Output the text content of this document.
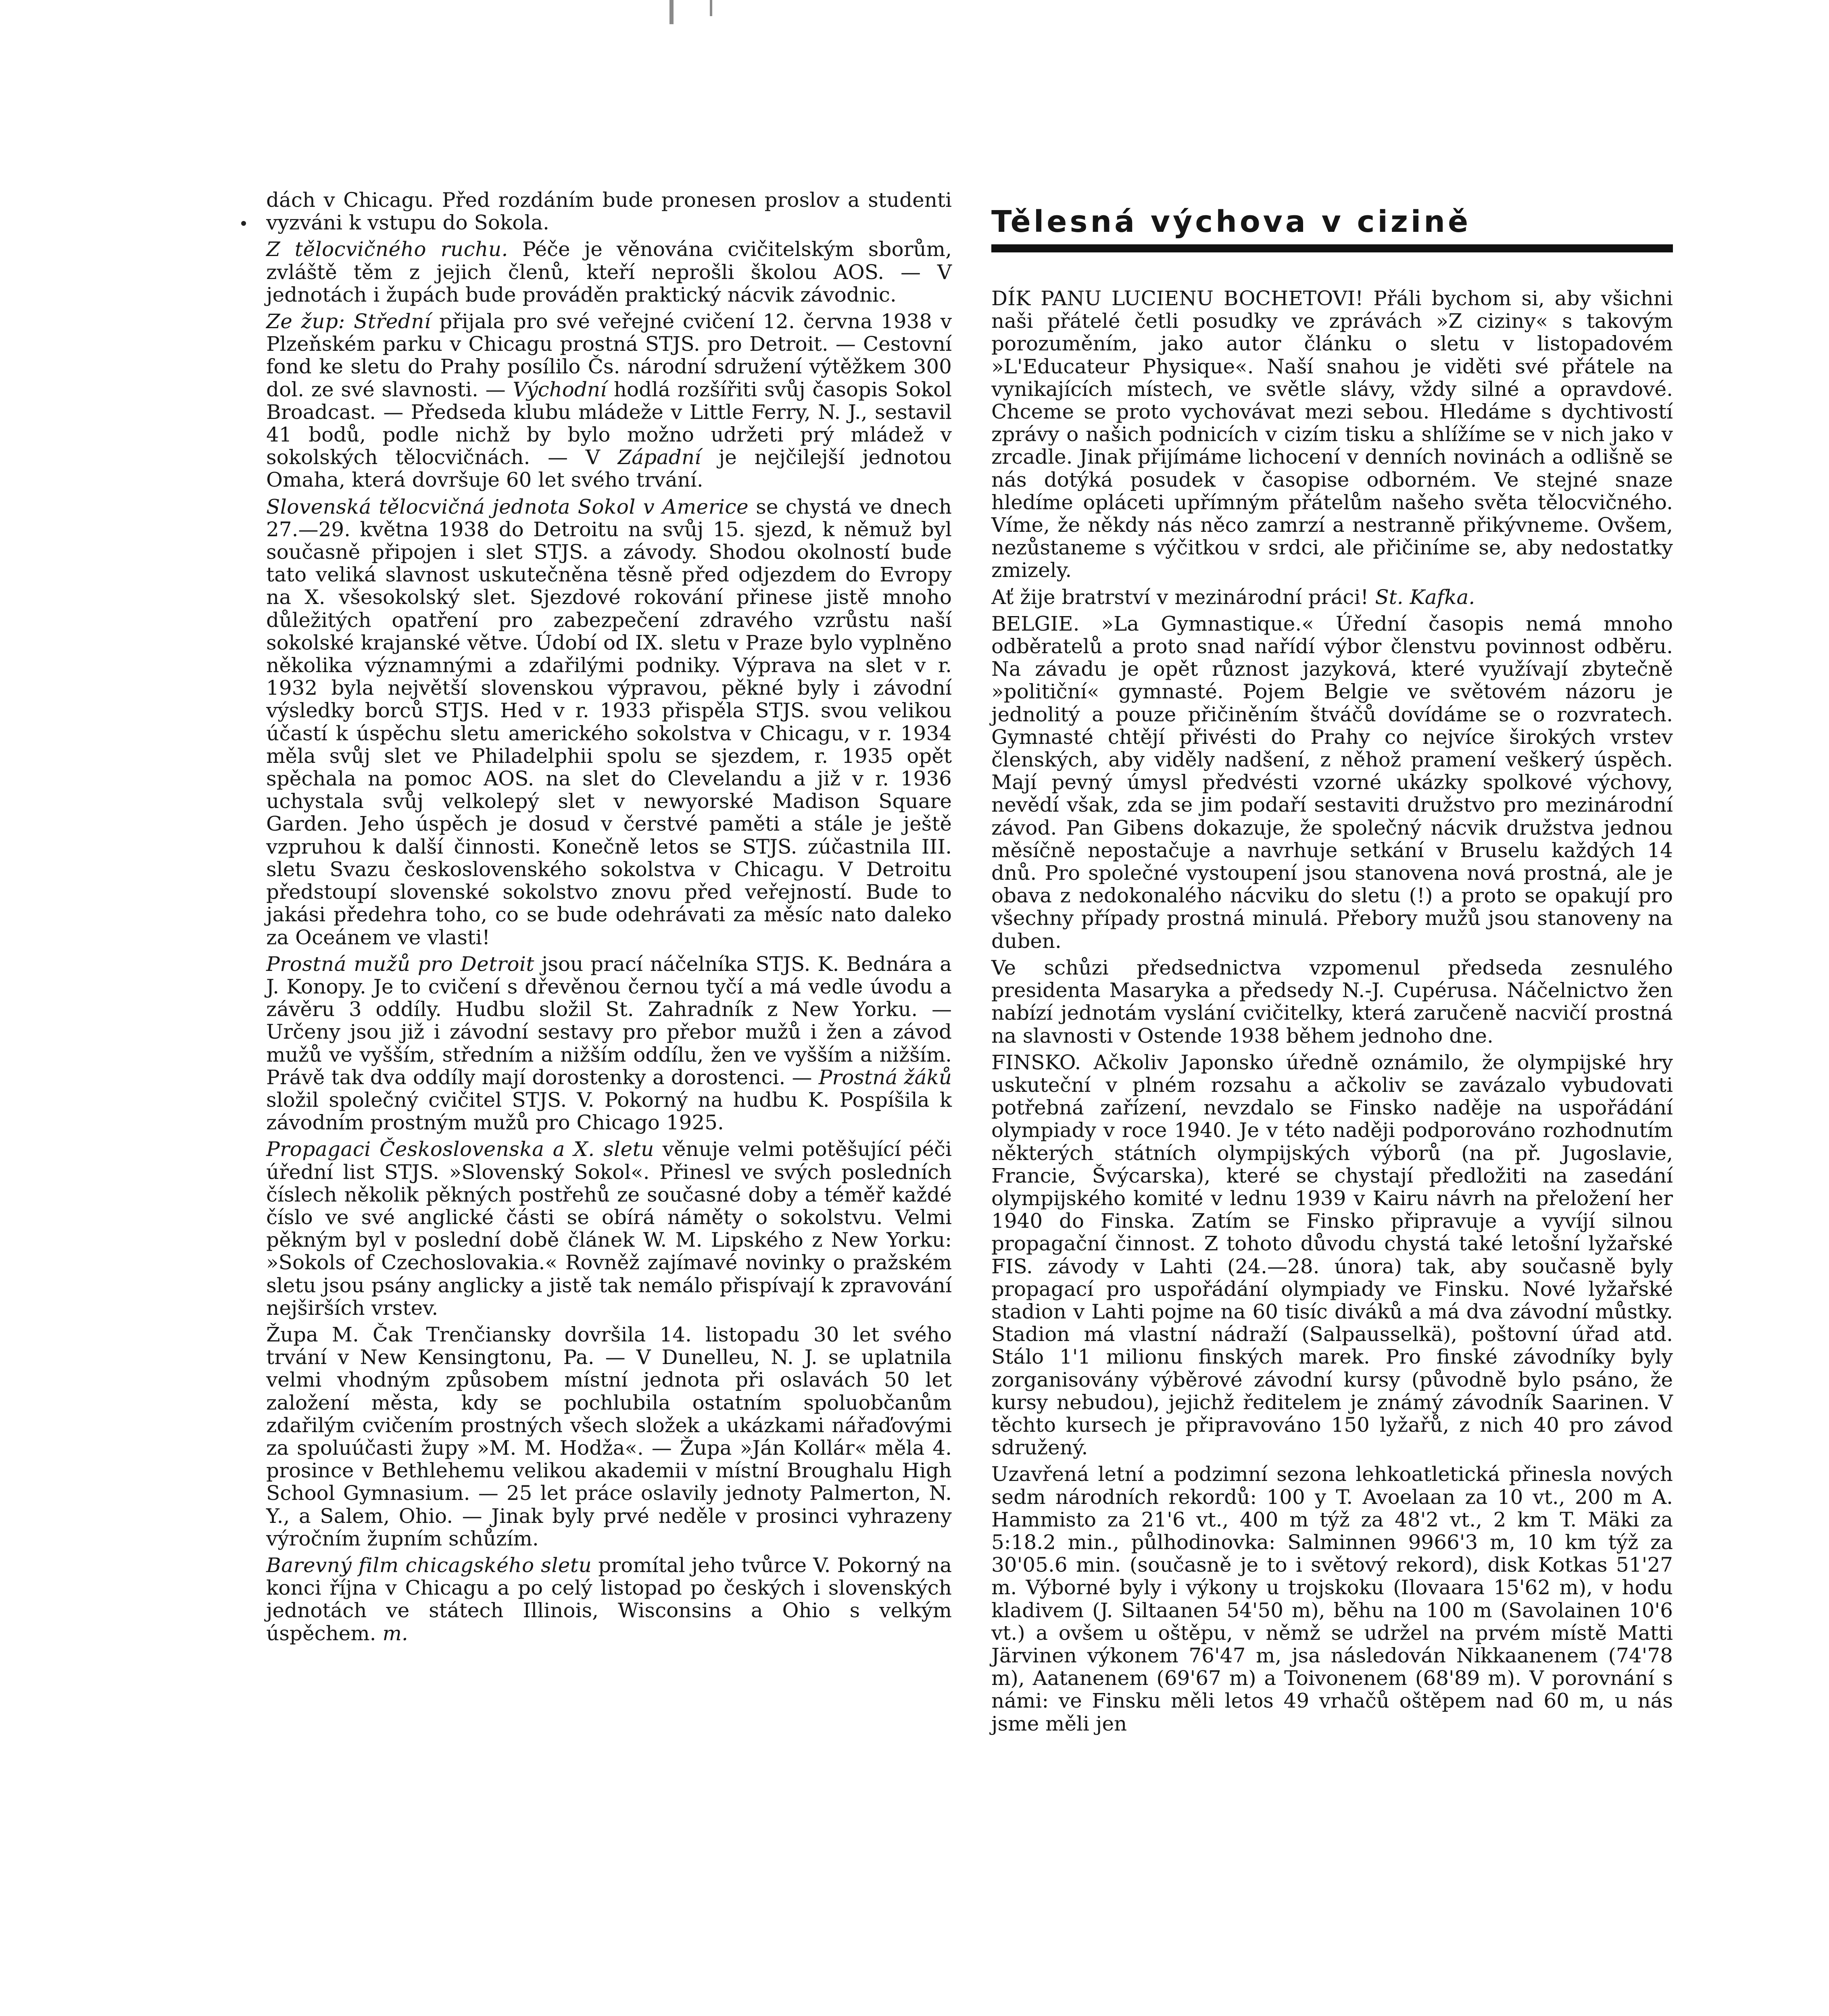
dách v Chicagu. Před rozdáním bude pronesen proslov a studenti vyzváni k vstupu do Sokola.

Z tělocvičného ruchu. Péče je věnována cvičitelským sborům, zvláště těm z jejich členů, kteří neprošli školou AOS. — V jednotách i župách bude prováděn praktický nácvik závodnic.

Ze žup: Střední přijala pro své veřejné cvičení 12. června 1938 v Plzeňském parku v Chicagu prostná STJS. pro Detroit. — Cestovní fond ke sletu do Prahy posílilo Čs. národní sdružení výtěžkem 300 dol. ze své slavnosti. — Východní hodlá rozšířiti svůj časopis Sokol Broadcast. — Předseda klubu mládeže v Little Ferry, N. J., sestavil 41 bodů, podle nichž by bylo možno udržeti prý mládež v sokolských tělocvičnách. — V Západní je nejčilejší jednotou Omaha, která dovršuje 60 let svého trvání.

Slovenská tělocvičná jednota Sokol v Americe se chystá ve dnech 27.—29. května 1938 do Detroitu na svůj 15. sjezd, k němuž byl současně připojen i slet STJS. a závody. Shodou okolností bude tato veliká slavnost uskutečněna těsně před odjezdem do Evropy na X. všesokolský slet. Sjezdové rokování přinese jistě mnoho důležitých opatření pro zabezpečení zdravého vzrůstu naší sokolské krajanské větve. Údobí od IX. sletu v Praze bylo vyplněno několika významnými a zdařilými podniky. Výprava na slet v r. 1932 byla největší slovenskou výpravou, pěkné byly i závodní výsledky borců STJS. Hed v r. 1933 přispěla STJS. svou velikou účastí k úspěchu sletu amerického sokolstva v Chicagu, v r. 1934 měla svůj slet ve Philadelphii spolu se sjezdem, r. 1935 opět spěchala na pomoc AOS. na slet do Clevelandu a již v r. 1936 uchystala svůj velkolepý slet v newyorské Madison Square Garden. Jeho úspěch je dosud v čerstvé paměti a stále je ještě vzpruhou k další činnosti. Konečně letos se STJS. zúčastnila III. sletu Svazu československého sokolstva v Chicagu. V Detroitu předstoupí slovenské sokolstvo znovu před veřejností. Bude to jakási předehra toho, co se bude odehrávati za měsíc nato daleko za Oceánem ve vlasti!

Prostná mužů pro Detroit jsou prací náčelníka STJS. K. Bednára a J. Konopy. Je to cvičení s dřevěnou černou tyčí a má vedle úvodu a závěru 3 oddíly. Hudbu složil St. Zahradník z New Yorku. — Určeny jsou již i závodní sestavy pro přebor mužů i žen a závod mužů ve vyšším, středním a nižším oddílu, žen ve vyšším a nižším. Právě tak dva oddíly mají dorostenky a dorostenci. — Prostná žáků složil společný cvičitel STJS. V. Pokorný na hudbu K. Pospíšila k závodním prostným mužů pro Chicago 1925.

Propagaci Československa a X. sletu věnuje velmi potěšující péči úřední list STJS. »Slovenský Sokol«. Přinesl ve svých posledních číslech několik pěkných postřehů ze současné doby a téměř každé číslo ve své anglické části se obírá náměty o sokolstvu. Velmi pěkným byl v poslední době článek W. M. Lipského z New Yorku: »Sokols of Czechoslovakia.« Rovněž zajímavé novinky o pražském sletu jsou psány anglicky a jistě tak nemálo přispívají k zpravování nejširších vrstev.

Župa M. Čak Trenčiansky dovršila 14. listopadu 30 let svého trvání v New Kensingtonu, Pa. — V Dunelleu, N. J. se uplatnila velmi vhodným způsobem místní jednota při oslavách 50 let založení města, kdy se pochlubila ostatním spoluobčanům zdařilým cvičením prostných všech složek a ukázkami nářaďovými za spoluúčasti župy »M. M. Hodža«. — Župa »Ján Kollár« měla 4. prosince v Bethlehemu velikou akademii v místní Broughalu High School Gymnasium. — 25 let práce oslavily jednoty Palmerton, N. Y., a Salem, Ohio. — Jinak byly prvé neděle v prosinci vyhrazeny výročním župním schůzím.

Barevný film chicagského sletu promítal jeho tvůrce V. Pokorný na konci října v Chicagu a po celý listopad po českých i slovenských jednotách ve státech Illinois, Wisconsins a Ohio s velkým úspěchem. m.

Tělesná výchova v cizině

DÍK PANU LUCIENU BOCHETOVI! Přáli bychom si, aby všichni naši přátelé četli posudky ve zprávách »Z ciziny« s takovým porozuměním, jako autor článku o sletu v listopadovém »L'Educateur Physique«. Naší snahou je viděti své přátele na vynikajících místech, ve světle slávy, vždy silné a opravdové. Chceme se proto vychovávat mezi sebou. Hledáme s dychtivostí zprávy o našich podnicích v cizím tisku a shlížíme se v nich jako v zrcadle. Jinak přijímáme lichocení v denních novinách a odlišně se nás dotýká posudek v časopise odborném. Ve stejné snaze hledíme opláceti upřímným přátelům našeho světa tělocvičného. Víme, že někdy nás něco zamrzí a nestranně přikývneme. Ovšem, nezůstaneme s výčitkou v srdci, ale přičiníme se, aby nedostatky zmizely.

Ať žije bratrství v mezinárodní práci! St. Kafka.

BELGIE. »La Gymnastique.« Úřední časopis nemá mnoho odběratelů a proto snad nařídí výbor členstvu povinnost odběru. Na závadu je opět různost jazyková, které využívají zbytečně »političní« gymnasté. Pojem Belgie ve světovém názoru je jednolitý a pouze přičiněním štváčů dovídáme se o rozvratech. Gymnasté chtějí přivésti do Prahy co nejvíce širokých vrstev členských, aby viděly nadšení, z něhož pramení veškerý úspěch. Mají pevný úmysl předvésti vzorné ukázky spolkové výchovy, nevědí však, zda se jim podaří sestaviti družstvo pro mezinárodní závod. Pan Gibens dokazuje, že společný nácvik družstva jednou měsíčně nepostačuje a navrhuje setkání v Bruselu každých 14 dnů. Pro společné vystoupení jsou stanovena nová prostná, ale je obava z nedokonalého nácviku do sletu (!) a proto se opakují pro všechny případy prostná minulá. Přebory mužů jsou stanoveny na duben.

Ve schůzi předsednictva vzpomenul předseda zesnulého presidenta Masaryka a předsedy N.-J. Cupérusa. Náčelnictvo žen nabízí jednotám vyslání cvičitelky, která zaručeně nacvičí prostná na slavnosti v Ostende 1938 během jednoho dne.

FINSKO. Ačkoliv Japonsko úředně oznámilo, že olympijské hry uskuteční v plném rozsahu a ačkoliv se zavázalo vybudovati potřebná zařízení, nevzdalo se Finsko naděje na uspořádání olympiady v roce 1940. Je v této naději podporováno rozhodnutím některých státních olympijských výborů (na př. Jugoslavie, Francie, Švýcarska), které se chystají předložiti na zasedání olympijského komité v lednu 1939 v Kairu návrh na přeložení her 1940 do Finska. Zatím se Finsko připravuje a vyvíjí silnou propagační činnost. Z tohoto důvodu chystá také letošní lyžařské FIS. závody v Lahti (24.—28. února) tak, aby současně byly propagací pro uspořádání olympiady ve Finsku. Nové lyžařské stadion v Lahti pojme na 60 tisíc diváků a má dva závodní můstky. Stadion má vlastní nádraží (Salpausselkä), poštovní úřad atd. Stálo 1'1 milionu finských marek. Pro finské závodníky byly zorganisovány výběrové závodní kursy (původně bylo psáno, že kursy nebudou), jejichž ředitelem je známý závodník Saarinen. V těchto kursech je připravováno 150 lyžařů, z nich 40 pro závod sdružený.

Uzavřená letní a podzimní sezona lehkoatletická přinesla nových sedm národních rekordů: 100 y T. Avoelaan za 10 vt., 200 m A. Hammisto za 21'6 vt., 400 m týž za 48'2 vt., 2 km T. Mäki za 5:18.2 min., půlhodinovka: Salminnen 9966'3 m, 10 km týž za 30'05.6 min. (současně je to i světový rekord), disk Kotkas 51'27 m. Výborné byly i výkony u trojskoku (Ilovaara 15'62 m), v hodu kladivem (J. Siltaanen 54'50 m), běhu na 100 m (Savolainen 10'6 vt.) a ovšem u oštěpu, v němž se udržel na prvém místě Matti Järvinen výkonem 76'47 m, jsa následován Nikkaanenem (74'78 m), Aatanenem (69'67 m) a Toivonenem (68'89 m). V porovnání s námi: ve Finsku měli letos 49 vrhačů oštěpem nad 60 m, u nás jsme měli jen
